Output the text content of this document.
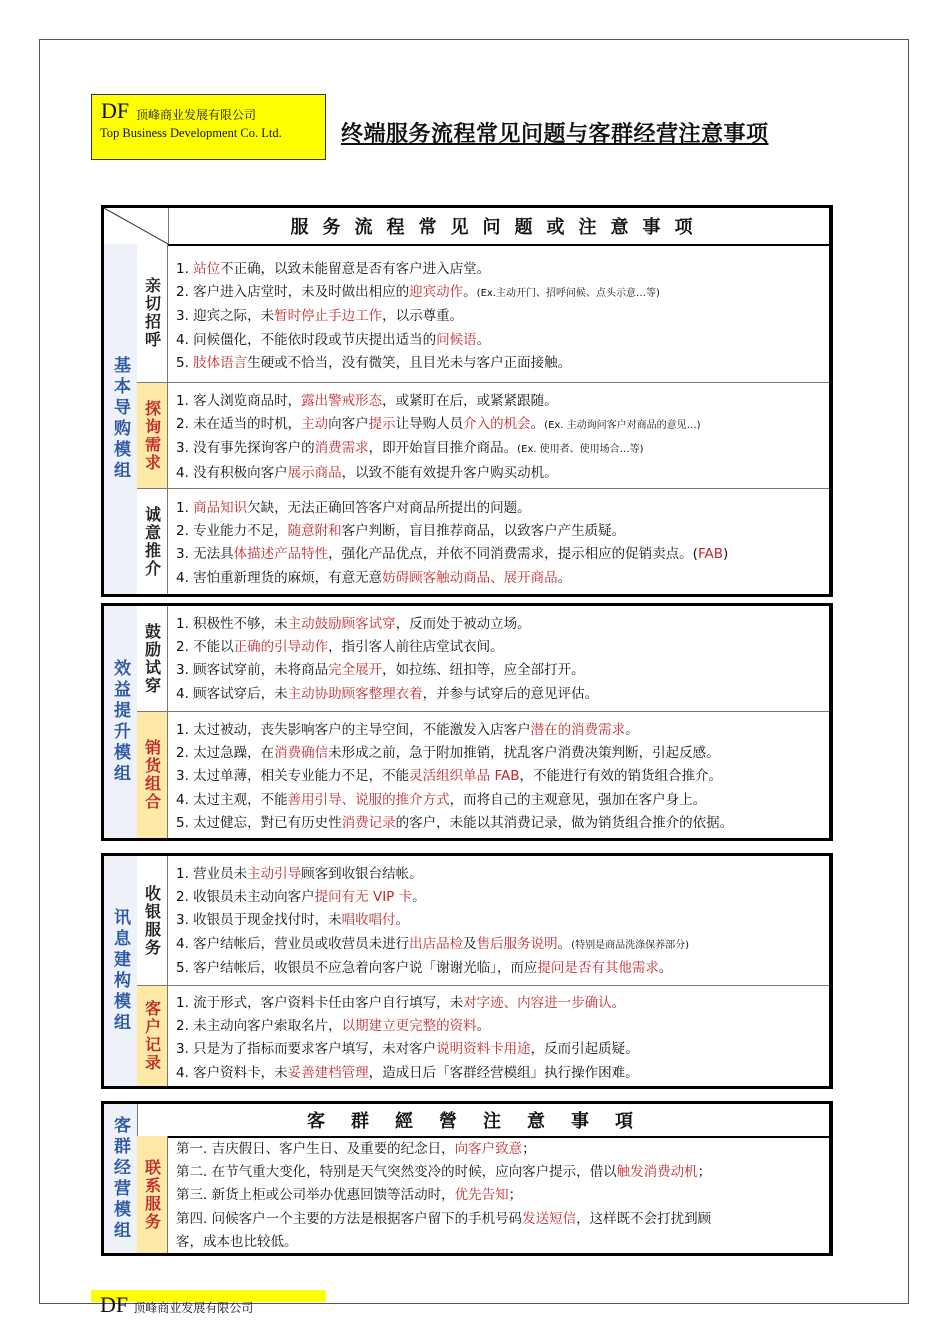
DF 顶峰商业发展有限公司
Top Business Development Co. Ltd.	终端服务流程常见问题与客群经营注意事项
服务流程常见问题或注意事项
基本导购模组
亲切招呼
探询需求
诚意推介
1. 站位不正确，以致未能留意是否有客户进入店堂。
2. 客户进入店堂时，未及时做出相应的迎宾动作。(Ex.主动开门、招呼问候、点头示意…等)
3. 迎宾之际，未暂时停止手边工作，以示尊重。
4. 问候僵化，不能依时段或节庆提出适当的问候语。
5. 肢体语言生硬或不恰当，没有微笑，且目光未与客户正面接触。
1. 客人浏览商品时，露出警戒形态，或紧盯在后，或紧紧跟随。
2. 未在适当的时机，主动向客户提示让导购人员介入的机会。(Ex. 主动询问客户对商品的意见…)
3. 没有事先探询客户的消费需求，即开始盲目推介商品。(Ex. 使用者、使用场合…等)
4. 没有积极向客户展示商品，以致不能有效提升客户购买动机。
1. 商品知识欠缺，无法正确回答客户对商品所提出的问题。
2. 专业能力不足，随意附和客户判断，盲目推荐商品，以致客户产生质疑。
3. 无法具体描述产品特性，强化产品优点，并依不同消费需求，提示相应的促销卖点。(FAB)
4. 害怕重新理货的麻烦，有意无意妨碍顾客触动商品、展开商品。
效益提升模组
鼓励试穿
销货组合
1. 积极性不够，未主动鼓励顾客试穿，反而处于被动立场。
2. 不能以正确的引导动作，指引客人前往店堂试衣间。
3. 顾客试穿前，未将商品完全展开，如拉练、纽扣等，应全部打开。
4. 顾客试穿后，未主动协助顾客整理衣着，并参与试穿后的意见评估。
1. 太过被动，丧失影响客户的主导空间，不能激发入店客户潜在的消费需求。
2. 太过急躁，在消费确信未形成之前，急于附加推销，扰乱客户消费决策判断，引起反感。
3. 太过单薄，相关专业能力不足，不能灵活组织单品 FAB，不能进行有效的销货组合推介。
4. 太过主观，不能善用引导、说服的推介方式，而将自己的主观意见，强加在客户身上。
5. 太过健忘，對已有历史性消费记录的客户，未能以其消费记录，做为销货组合推介的依据。
讯息建构模组 收银服务
客户记录
1. 营业员未主动引导顾客到收银台结帐。
2. 收银员未主动向客户提问有无 VIP 卡。
3. 收银员于现金找付时，未唱收唱付。
4. 客户结帐后，营业员或收营员未进行出店品检及售后服务说明。(特别是商品洗涤保养部分)
5. 客户结帐后，收银员不应急着向客户说「谢谢光临」，而应提问是否有其他需求。
1. 流于形式，客户资料卡任由客户自行填写，未对字迹、内容进一步确认。
2. 未主动向客户索取名片，以期建立更完整的资料。
3. 只是为了指标而要求客户填写，未对客户说明资料卡用途，反而引起质疑。
4. 客户资料卡，未妥善建档管理，造成日后「客群经营模组」执行操作困难。
客群经营模组	客群經營注意事項
联系服务
第一. 吉庆假日、客户生日、及重要的纪念日，向客户致意；
第二. 在节气重大变化，特别是天气突然变冷的时候，应向客户提示，借以触发消费动机；
第三. 新货上柜或公司举办优惠回馈等活动时，优先告知；
第四. 问候客户一个主要的方法是根据客户留下的手机号码发送短信，这样既不会打扰到顾
客，成本也比较低。
DF 顶峰商业发展有限公司
